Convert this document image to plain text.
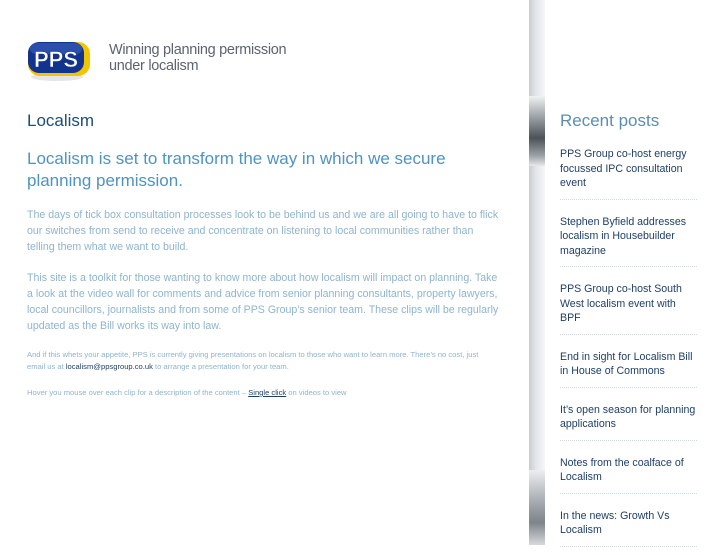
PPS Winning planning permission
under localism
Localism

Localism is set to transform the way in which we secure planning permission.

The days of tick box consultation processes look to be behind us and we are all going to have to flick our switches from send to receive and concentrate on listening to local communities rather than telling them what we want to build.

This site is a toolkit for those wanting to know more about how localism will impact on planning. Take a look at the video wall for comments and advice from senior planning consultants, property lawyers, local councillors, journalists and from some of PPS Group’s senior team. These clips will be regularly updated as the Bill works its way into law.

And if this whets your appetite, PPS is currently giving presentations on localism to those who want to learn more. There’s no cost, just email us at localism@ppsgroup.co.uk to arrange a presentation for your team.

Hover you mouse over each clip for a description of the content – Single click on videos to view

Recent posts
PPS Group co-host energy focussed IPC consultation event
Stephen Byfield addresses localism in Housebuilder magazine
PPS Group co-host South West localism event with BPF
End in sight for Localism Bill in House of Commons
It’s open season for planning applications
Notes from the coalface of Localism
In the news: Growth Vs Localism
